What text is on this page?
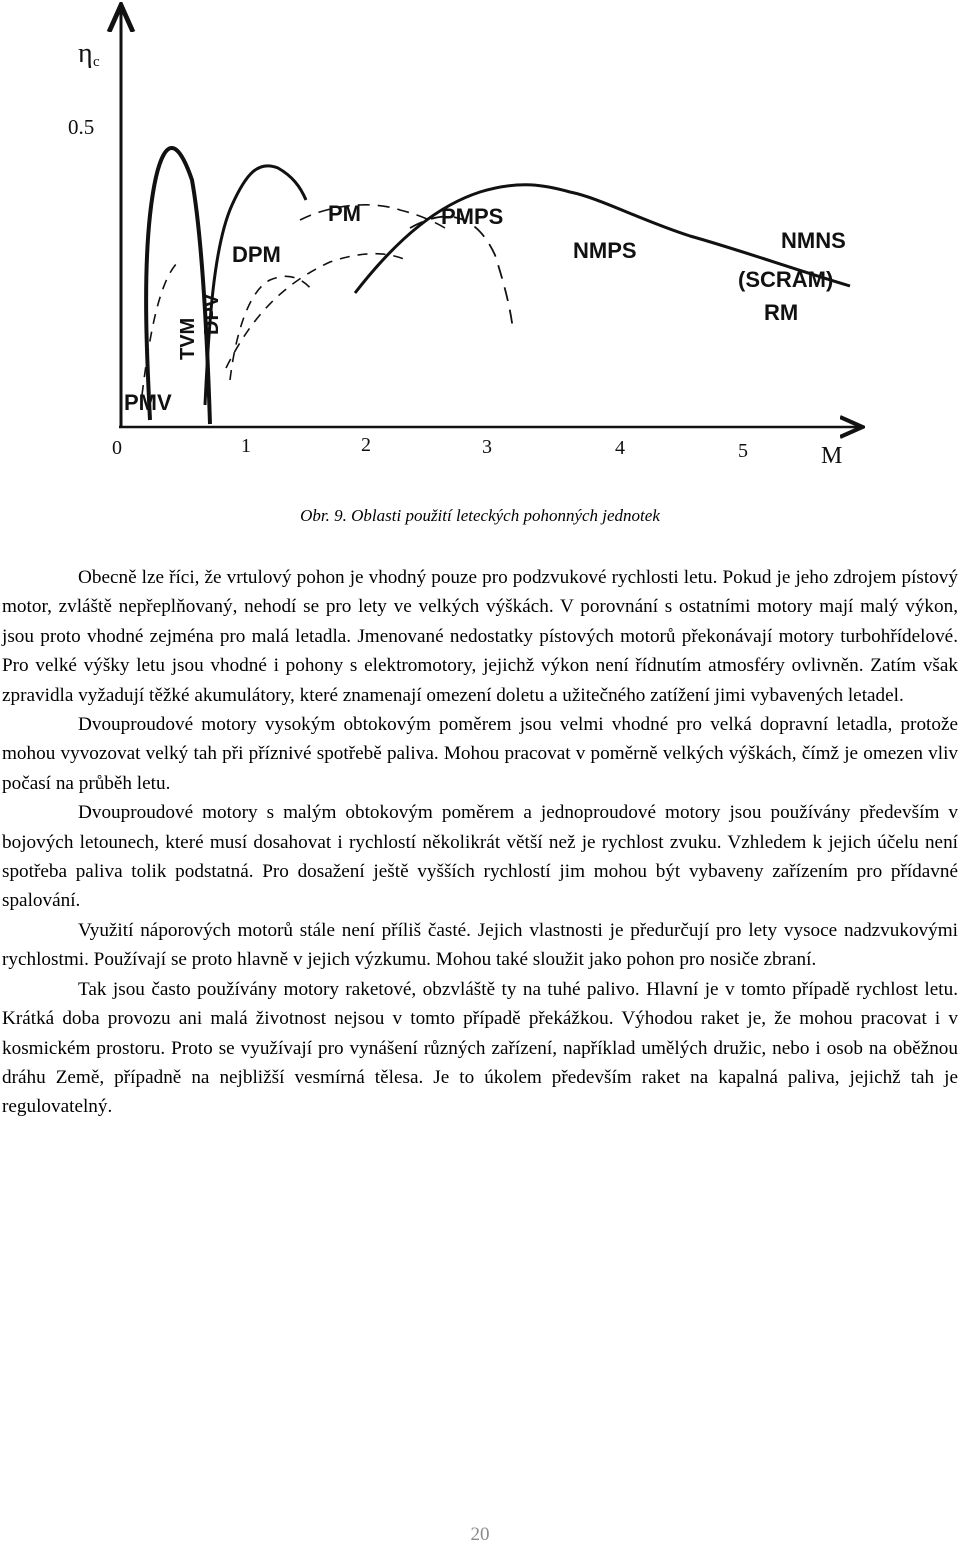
η c
0.5
M
0	1	2	3	4	5
PMV
TVM
DPV
DPM
PM	PMPS
NMPS	NMNS
(SCRAM)
RM
Obr. 9. Oblasti použití leteckých pohonných jednotek

Obecně lze říci, že vrtulový pohon je vhodný pouze pro podzvukové rychlosti letu. Pokud je jeho zdrojem pístový motor, zvláště nepřeplňovaný, nehodí se pro lety ve velkých výškách. V porovnání s ostatními motory mají malý výkon, jsou proto vhodné zejména pro malá letadla. Jmenované nedostatky pístových motorů překonávají motory turbohřídelové. Pro velké výšky letu jsou vhodné i pohony s elektromotory, jejichž výkon není řídnutím atmosféry ovlivněn. Zatím však zpravidla vyžadují těžké akumulátory, které znamenají omezení doletu a užitečného zatížení jimi vybavených letadel.

Dvouproudové motory vysokým obtokovým poměrem jsou velmi vhodné pro velká dopravní letadla, protože mohou vyvozovat velký tah při příznivé spotřebě paliva. Mohou pracovat v poměrně velkých výškách, čímž je omezen vliv počasí na průběh letu.

Dvouproudové motory s malým obtokovým poměrem a jednoproudové motory jsou používány především v bojových letounech, které musí dosahovat i rychlostí několikrát větší než je rychlost zvuku. Vzhledem k jejich účelu není spotřeba paliva tolik podstatná. Pro dosažení ještě vyšších rychlostí jim mohou být vybaveny zařízením pro přídavné spalování.

Využití náporových motorů stále není příliš časté. Jejich vlastnosti je předurčují pro lety vysoce nadzvukovými rychlostmi. Používají se proto hlavně v jejich výzkumu. Mohou také sloužit jako pohon pro nosiče zbraní.

Tak jsou často používány motory raketové, obzvláště ty na tuhé palivo. Hlavní je v tomto případě rychlost letu. Krátká doba provozu ani malá životnost nejsou v tomto případě překážkou. Výhodou raket je, že mohou pracovat i v kosmickém prostoru. Proto se využívají pro vynášení různých zařízení, například umělých družic, nebo i osob na oběžnou dráhu Země, případně na nejbližší vesmírná tělesa. Je to úkolem především raket na kapalná paliva, jejichž tah je regulovatelný.

20
